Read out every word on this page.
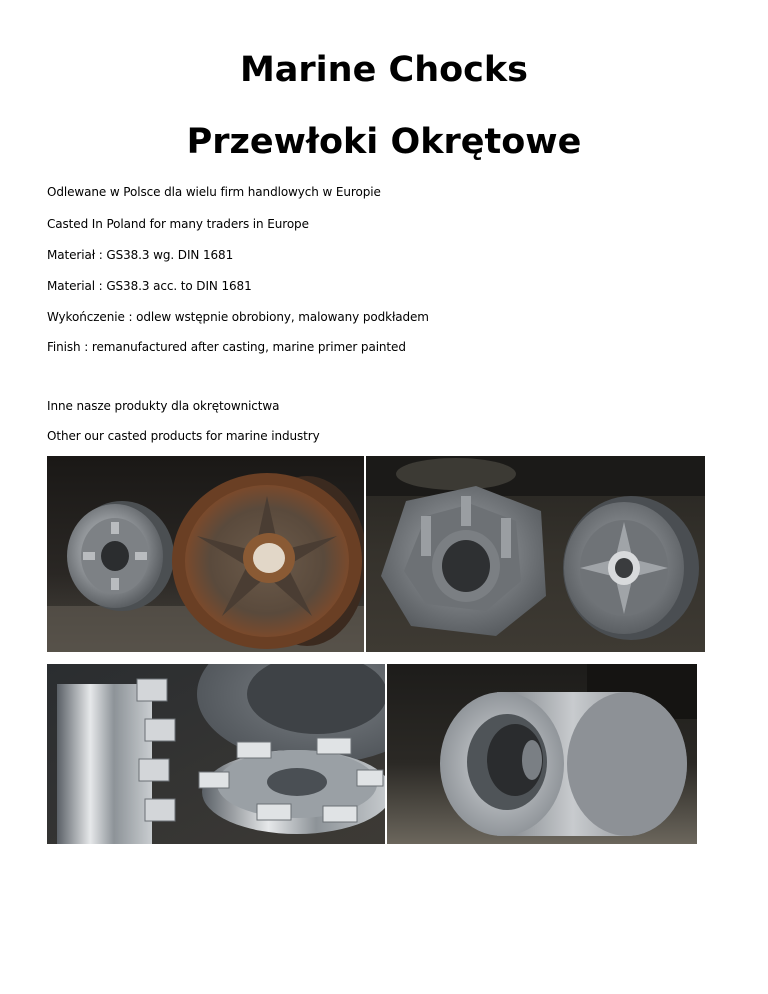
Marine Chocks
Przewłoki Okrętowe
Odlewane w Polsce dla wielu firm handlowych w Europie
Casted In Poland for many traders in Europe
Materiał : GS38.3 wg. DIN 1681
Material : GS38.3 acc. to DIN 1681
Wykończenie : odlew wstępnie obrobiony, malowany podkładem
Finish : remanufactured after casting, marine primer painted
Inne nasze produkty dla okrętownictwa
Other our casted products for marine industry
